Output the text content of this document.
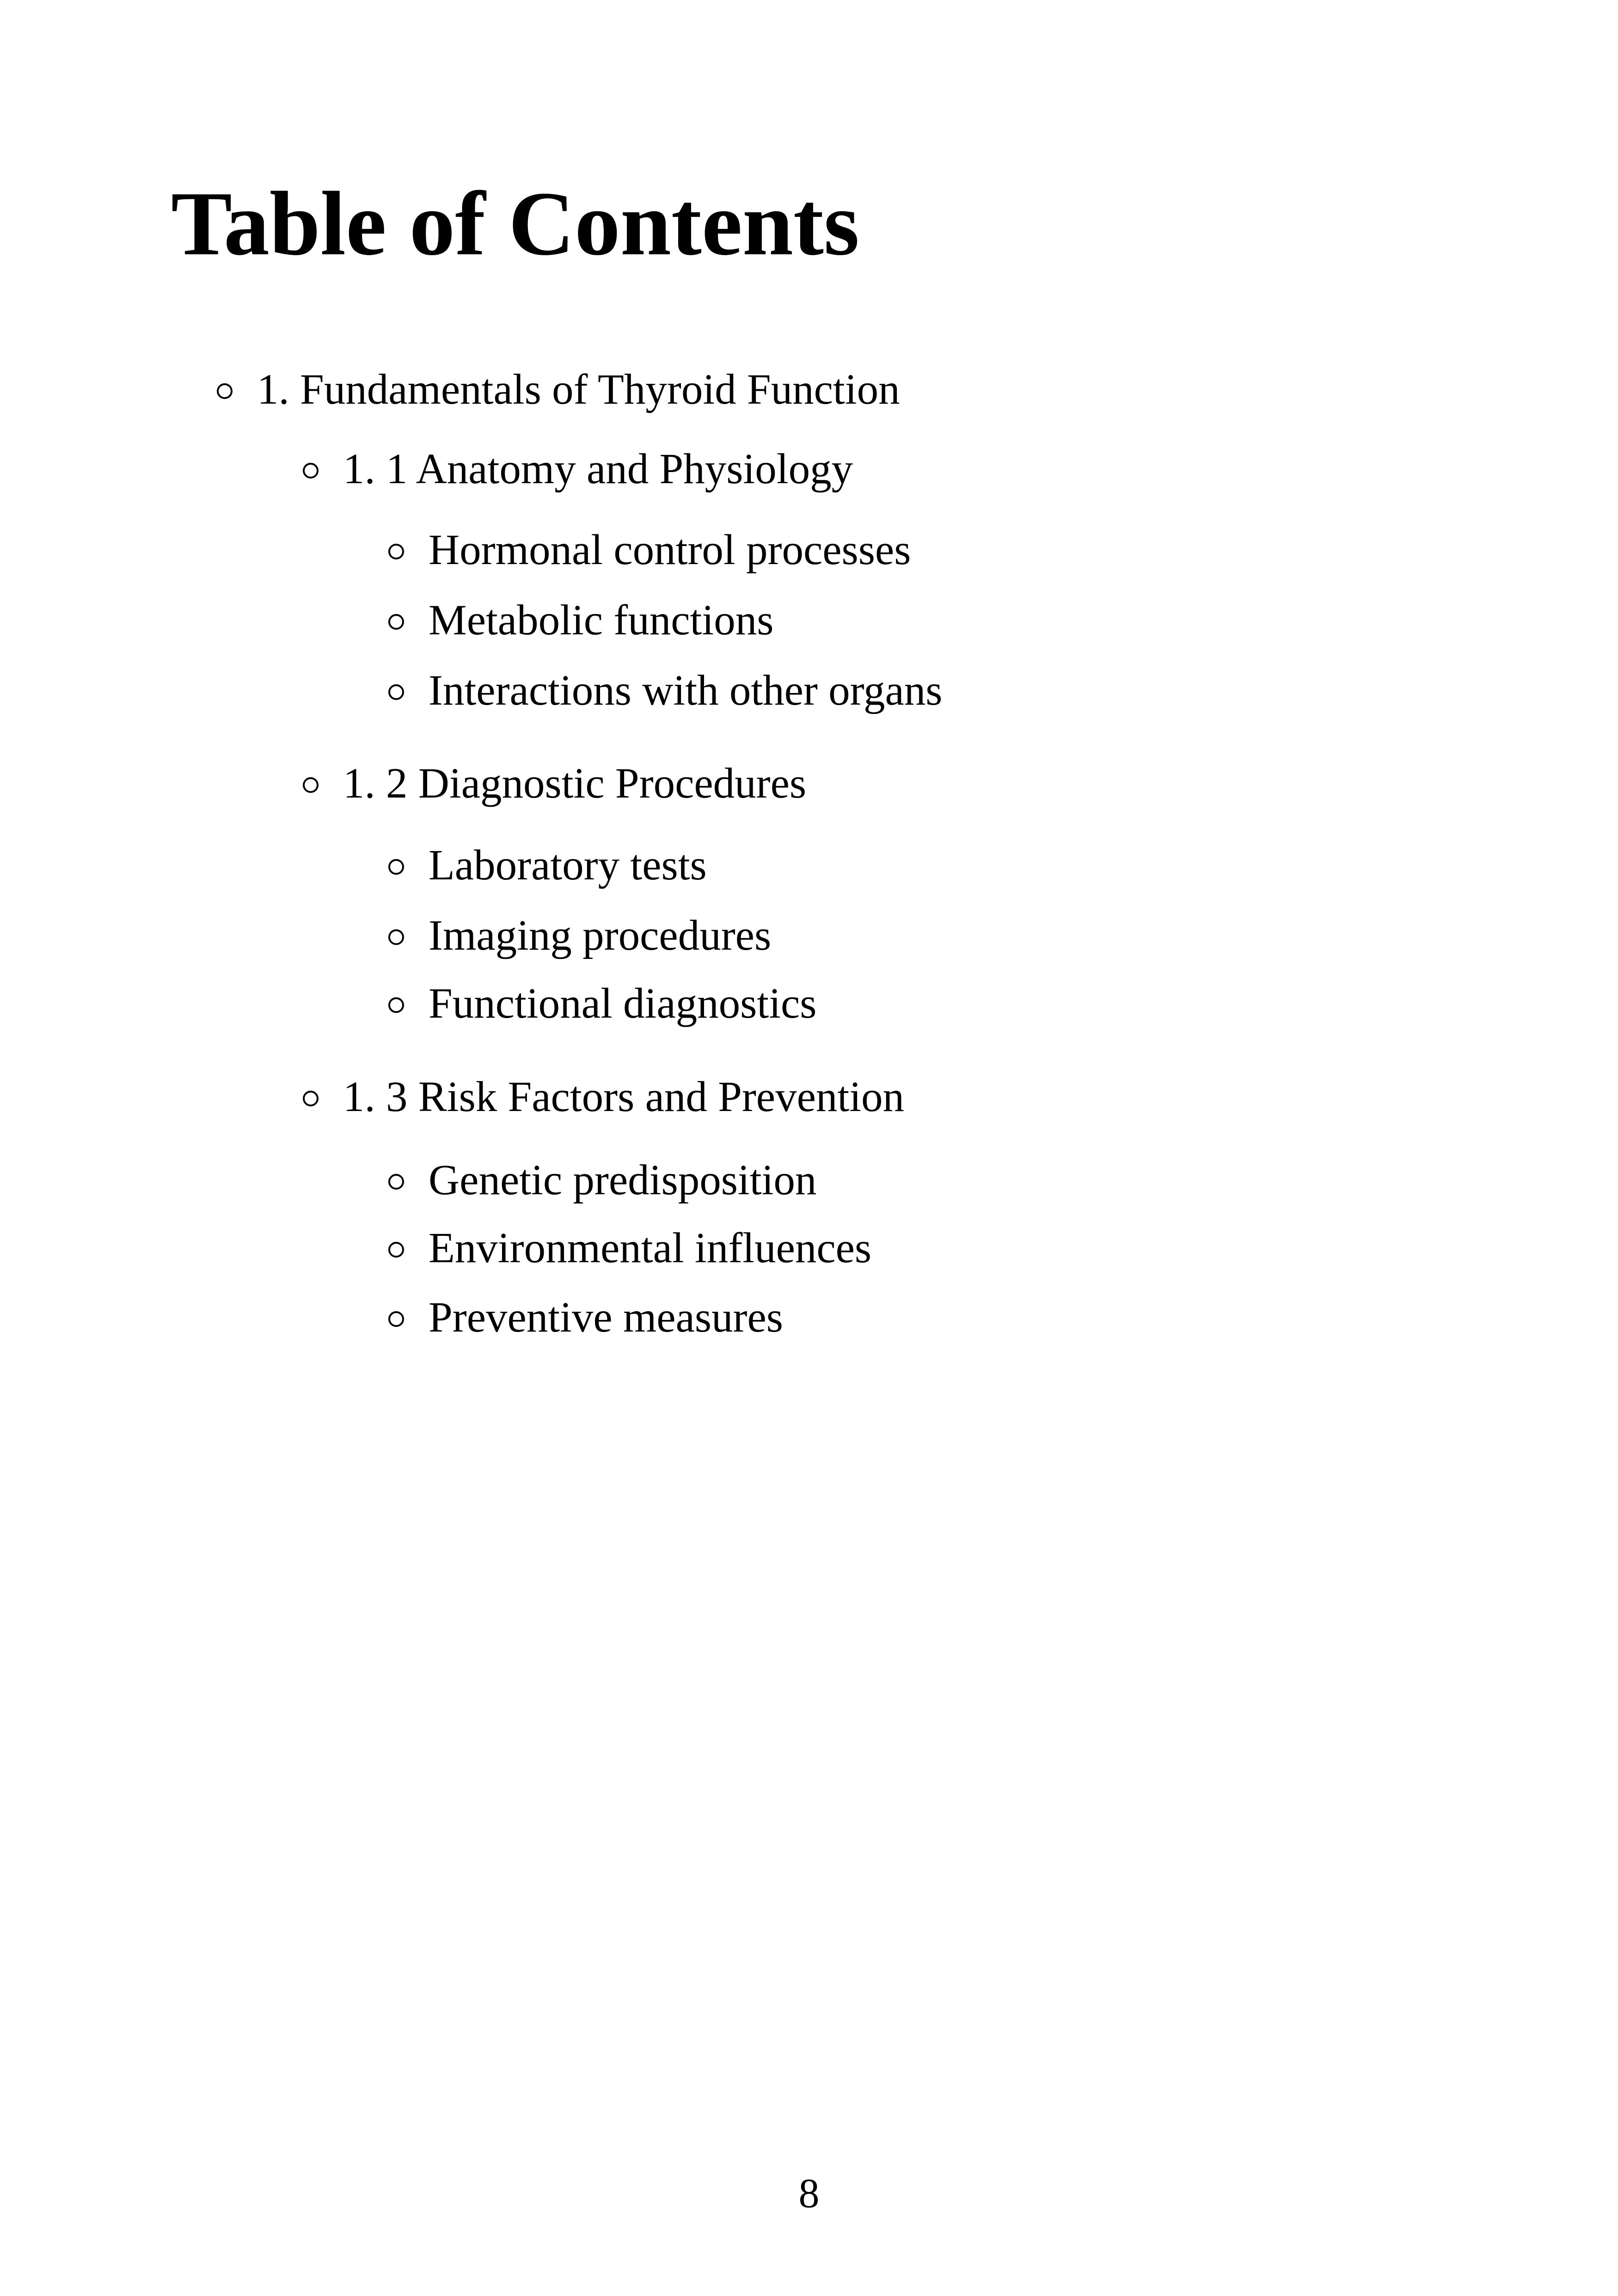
Table of Contents

1. Fundamentals of Thyroid Function

1. 1 Anatomy and Physiology

Hormonal control processes

Metabolic functions

Interactions with other organs

1. 2 Diagnostic Procedures

Laboratory tests

Imaging procedures

Functional diagnostics

1. 3 Risk Factors and Prevention

Genetic predisposition

Environmental influences

Preventive measures

8
